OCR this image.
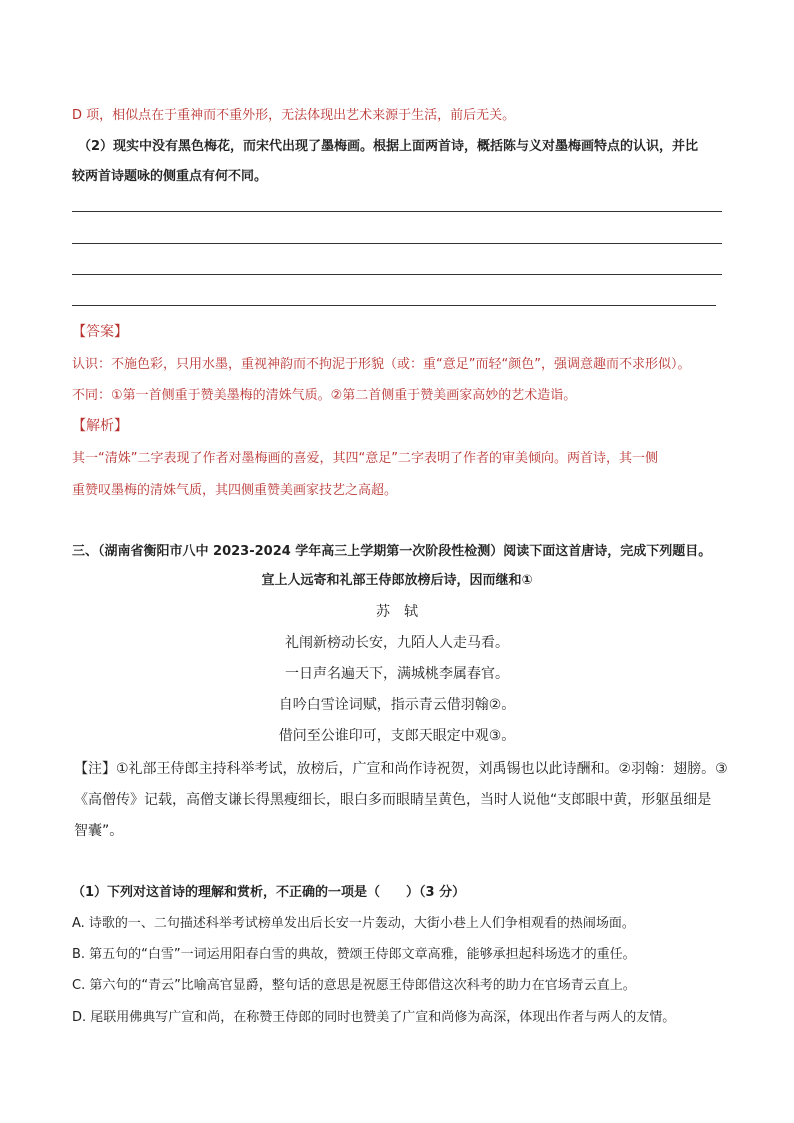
D 项，相似点在于重神而不重外形，无法体现出艺术来源于生活，前后无关。
（2）现实中没有黑色梅花，而宋代出现了墨梅画。根据上面两首诗，概括陈与义对墨梅画特点的认识，并比
较两首诗题咏的侧重点有何不同。
【答案】
认识：不施色彩，只用水墨，重视神韵而不拘泥于形貌（或：重“意足”而轻“颜色”，强调意趣而不求形似）。
不同：①第一首侧重于赞美墨梅的清姝气质。②第二首侧重于赞美画家高妙的艺术造诣。
【解析】
其一“清姝”二字表现了作者对墨梅画的喜爱，其四“意足”二字表明了作者的审美倾向。两首诗，其一侧
重赞叹墨梅的清姝气质，其四侧重赞美画家技艺之高超。
三、（湖南省衡阳市八中 2023-2024 学年高三上学期第一次阶段性检测）阅读下面这首唐诗，完成下列题目。
宣上人远寄和礼部王侍郎放榜后诗，因而继和①
苏　轼
礼闱新榜动长安，九陌人人走马看。
一日声名遍天下，满城桃李属春官。
自吟白雪诠词赋，指示青云借羽翰②。
借问至公谁印可，支郎天眼定中观③。
【注】①礼部王侍郎主持科举考试，放榜后，广宣和尚作诗祝贺，刘禹锡也以此诗酬和。②羽翰：翅膀。③
《高僧传》记载，高僧支谦长得黑瘦细长，眼白多而眼睛呈黄色，当时人说他“支郎眼中黄，形躯虽细是
智囊”。
（1）下列对这首诗的理解和赏析，不正确的一项是（　　）（3 分）
A. 诗歌的一、二句描述科举考试榜单发出后长安一片轰动，大街小巷上人们争相观看的热闹场面。
B. 第五句的“白雪”一词运用阳春白雪的典故，赞颂王侍郎文章高雅，能够承担起科场选才的重任。
C. 第六句的“青云”比喻高官显爵，整句话的意思是祝愿王侍郎借这次科考的助力在官场青云直上。
D. 尾联用佛典写广宣和尚，在称赞王侍郎的同时也赞美了广宣和尚修为高深，体现出作者与两人的友情。
